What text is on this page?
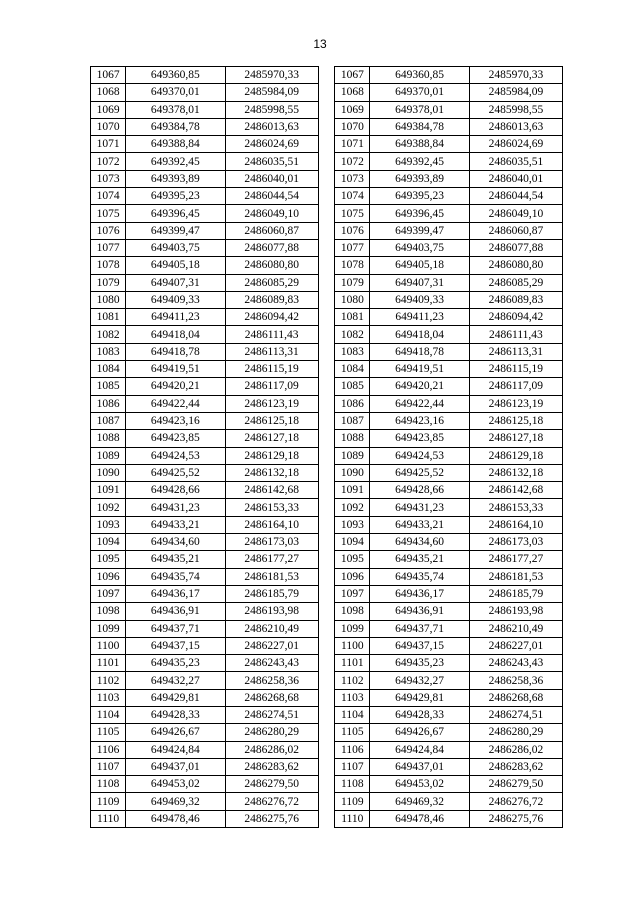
13
1067	649360,85	2485970,33		1067	649360,85	2485970,33
1068	649370,01	2485984,09		1068	649370,01	2485984,09
1069	649378,01	2485998,55		1069	649378,01	2485998,55
1070	649384,78	2486013,63		1070	649384,78	2486013,63
1071	649388,84	2486024,69		1071	649388,84	2486024,69
1072	649392,45	2486035,51		1072	649392,45	2486035,51
1073	649393,89	2486040,01		1073	649393,89	2486040,01
1074	649395,23	2486044,54		1074	649395,23	2486044,54
1075	649396,45	2486049,10		1075	649396,45	2486049,10
1076	649399,47	2486060,87		1076	649399,47	2486060,87
1077	649403,75	2486077,88		1077	649403,75	2486077,88
1078	649405,18	2486080,80		1078	649405,18	2486080,80
1079	649407,31	2486085,29		1079	649407,31	2486085,29
1080	649409,33	2486089,83		1080	649409,33	2486089,83
1081	649411,23	2486094,42		1081	649411,23	2486094,42
1082	649418,04	2486111,43		1082	649418,04	2486111,43
1083	649418,78	2486113,31		1083	649418,78	2486113,31
1084	649419,51	2486115,19		1084	649419,51	2486115,19
1085	649420,21	2486117,09		1085	649420,21	2486117,09
1086	649422,44	2486123,19		1086	649422,44	2486123,19
1087	649423,16	2486125,18		1087	649423,16	2486125,18
1088	649423,85	2486127,18		1088	649423,85	2486127,18
1089	649424,53	2486129,18		1089	649424,53	2486129,18
1090	649425,52	2486132,18		1090	649425,52	2486132,18
1091	649428,66	2486142,68		1091	649428,66	2486142,68
1092	649431,23	2486153,33		1092	649431,23	2486153,33
1093	649433,21	2486164,10		1093	649433,21	2486164,10
1094	649434,60	2486173,03		1094	649434,60	2486173,03
1095	649435,21	2486177,27		1095	649435,21	2486177,27
1096	649435,74	2486181,53		1096	649435,74	2486181,53
1097	649436,17	2486185,79		1097	649436,17	2486185,79
1098	649436,91	2486193,98		1098	649436,91	2486193,98
1099	649437,71	2486210,49		1099	649437,71	2486210,49
1100	649437,15	2486227,01		1100	649437,15	2486227,01
1101	649435,23	2486243,43		1101	649435,23	2486243,43
1102	649432,27	2486258,36		1102	649432,27	2486258,36
1103	649429,81	2486268,68		1103	649429,81	2486268,68
1104	649428,33	2486274,51		1104	649428,33	2486274,51
1105	649426,67	2486280,29		1105	649426,67	2486280,29
1106	649424,84	2486286,02		1106	649424,84	2486286,02
1107	649437,01	2486283,62		1107	649437,01	2486283,62
1108	649453,02	2486279,50		1108	649453,02	2486279,50
1109	649469,32	2486276,72		1109	649469,32	2486276,72
1110	649478,46	2486275,76		1110	649478,46	2486275,76
